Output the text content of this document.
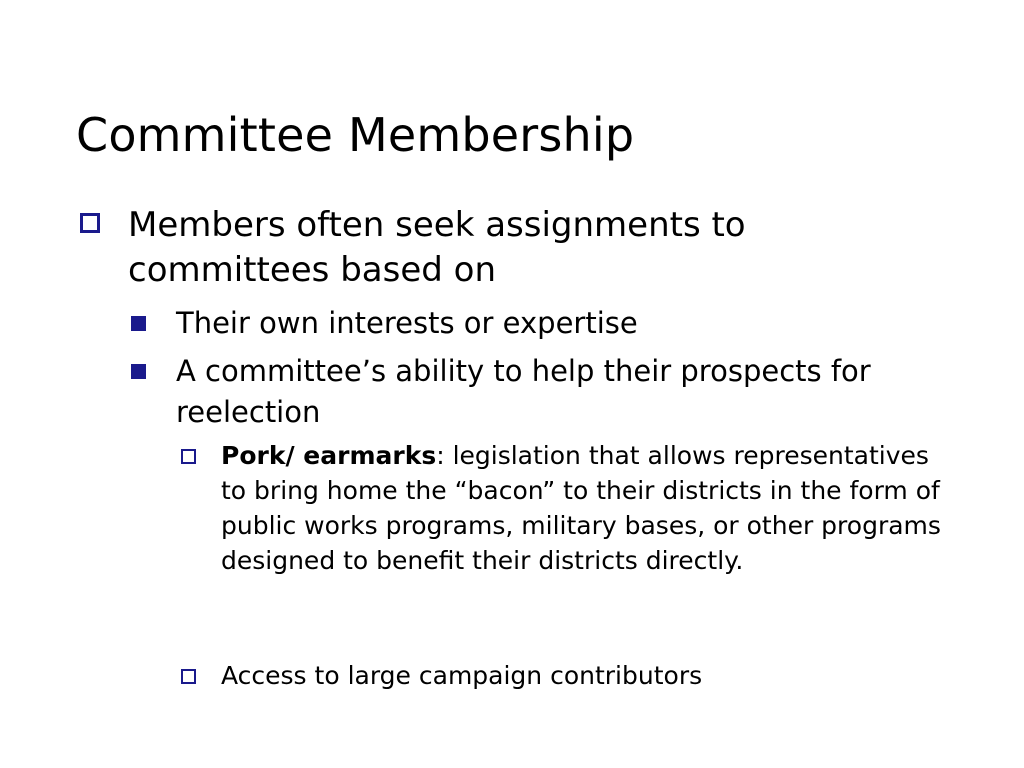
Committee Membership

Members often seek assignments to committees based on

Their own interests or expertise

A committee’s ability to help their prospects for reelection

Pork/ earmarks: legislation that allows representatives to bring home the “bacon” to their districts in the form of public works programs, military bases, or other programs designed to benefit their districts directly.

Access to large campaign contributors
